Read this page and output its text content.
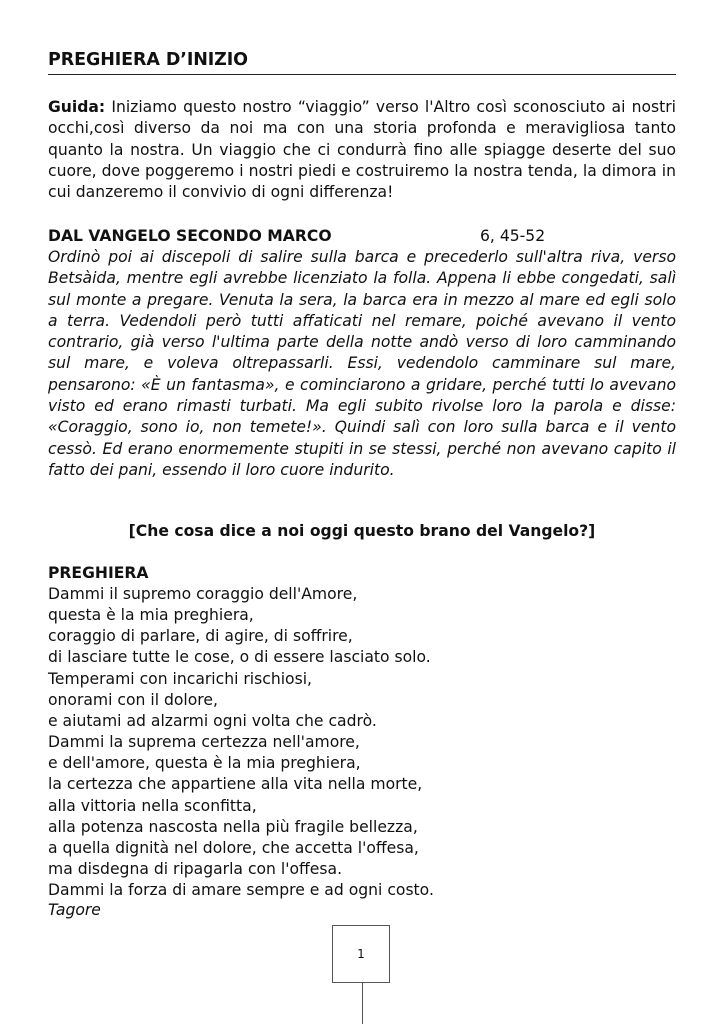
PREGHIERA D’INIZIO
Guida: Iniziamo questo nostro “viaggio” verso l'Altro così sconosciuto ai nostri occhi,così diverso da noi ma con una storia profonda e meravigliosa tanto quanto la nostra. Un viaggio che ci condurrà fino alle spiagge deserte del suo cuore, dove poggeremo i nostri piedi e costruiremo la nostra tenda, la dimora in cui danzeremo il convivio di ogni differenza!
DAL VANGELO SECONDO MARCO	6, 45-52
Ordinò poi ai discepoli di salire sulla barca e precederlo sull'altra riva, verso Betsàida, mentre egli avrebbe licenziato la folla. Appena li ebbe congedati, salì sul monte a pregare. Venuta la sera, la barca era in mezzo al mare ed egli solo a terra. Vedendoli però tutti affaticati nel remare, poiché avevano il vento contrario, già verso l'ultima parte della notte andò verso di loro camminando sul mare, e voleva oltrepassarli. Essi, vedendolo camminare sul mare, pensarono: «È un fantasma», e cominciarono a gridare, perché tutti lo avevano visto ed erano rimasti turbati. Ma egli subito rivolse loro la parola e disse: «Coraggio, sono io, non temete!». Quindi salì con loro sulla barca e il vento cessò. Ed erano enormemente stupiti in se stessi, perché non avevano capito il fatto dei pani, essendo il loro cuore indurito.
[Che cosa dice a noi oggi questo brano del Vangelo?]
PREGHIERA
Dammi il supremo coraggio dell'Amore,
questa è la mia preghiera,
coraggio di parlare, di agire, di soffrire,
di lasciare tutte le cose, o di essere lasciato solo.
Temperami con incarichi rischiosi,
onorami con il dolore,
e aiutami ad alzarmi ogni volta che cadrò.
Dammi la suprema certezza nell'amore,
e dell'amore, questa è la mia preghiera,
la certezza che appartiene alla vita nella morte,
alla vittoria nella sconfitta,
alla potenza nascosta nella più fragile bellezza,
a quella dignità nel dolore, che accetta l'offesa,
ma disdegna di ripagarla con l'offesa.
Dammi la forza di amare sempre e ad ogni costo.
Tagore
1
